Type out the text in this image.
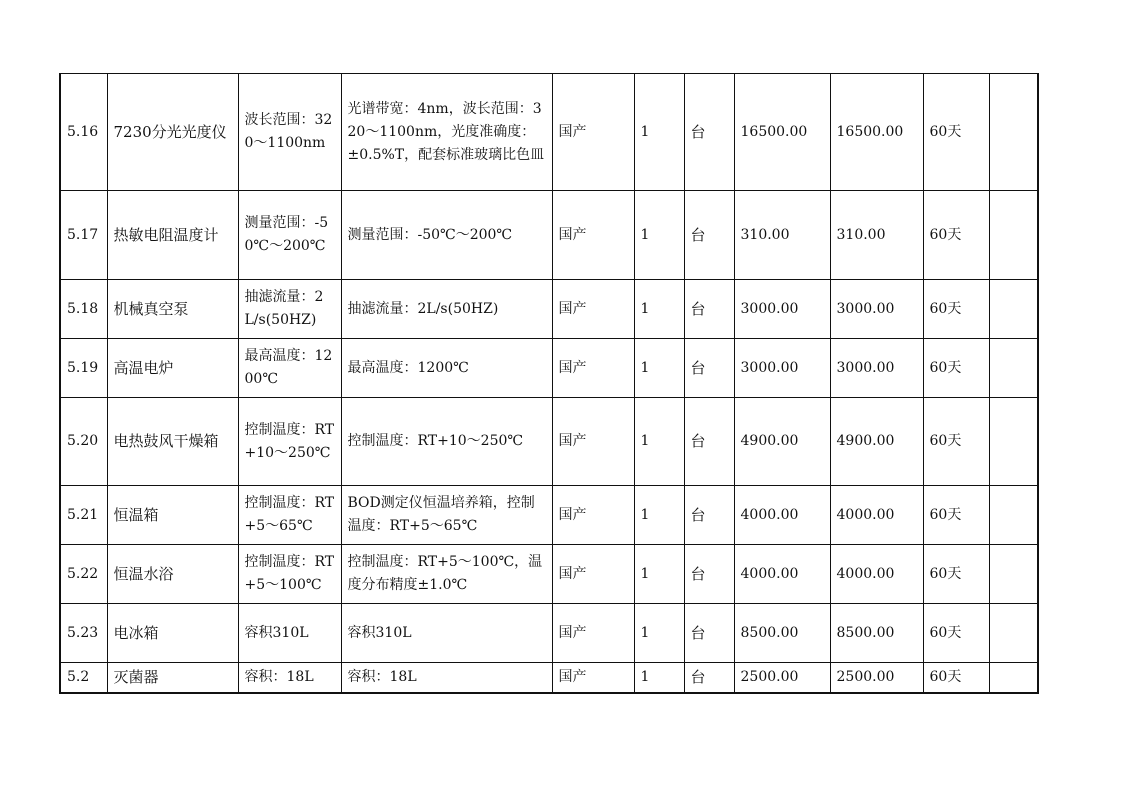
5.16	7230分光光度仪	波长范围：320～1100nm	光谱带宽：4nm，波长范围：320～1100nm，光度准确度：±0.5%T，配套标准玻璃比色皿	国产	1	台	16500.00	16500.00	60天	
5.17	热敏电阻温度计	测量范围：-50℃～200℃	测量范围：-50℃～200℃	国产	1	台	310.00	310.00	60天	
5.18	机械真空泵	抽滤流量：2L/s(50HZ)	抽滤流量：2L/s(50HZ)	国产	1	台	3000.00	3000.00	60天	
5.19	高温电炉	最高温度：1200℃	最高温度：1200℃	国产	1	台	3000.00	3000.00	60天	
5.20	电热鼓风干燥箱	控制温度：RT+10～250℃	控制温度：RT+10～250℃	国产	1	台	4900.00	4900.00	60天	
5.21	恒温箱	控制温度：RT+5～65℃	BOD测定仪恒温培养箱，控制温度：RT+5～65℃	国产	1	台	4000.00	4000.00	60天	
5.22	恒温水浴	控制温度：RT+5～100℃	控制温度：RT+5～100℃，温度分布精度±1.0℃	国产	1	台	4000.00	4000.00	60天	
5.23	电冰箱	容积310L	容积310L	国产	1	台	8500.00	8500.00	60天	
5.2	灭菌器	容积：18L	容积：18L	国产	1	台	2500.00	2500.00	60天	
